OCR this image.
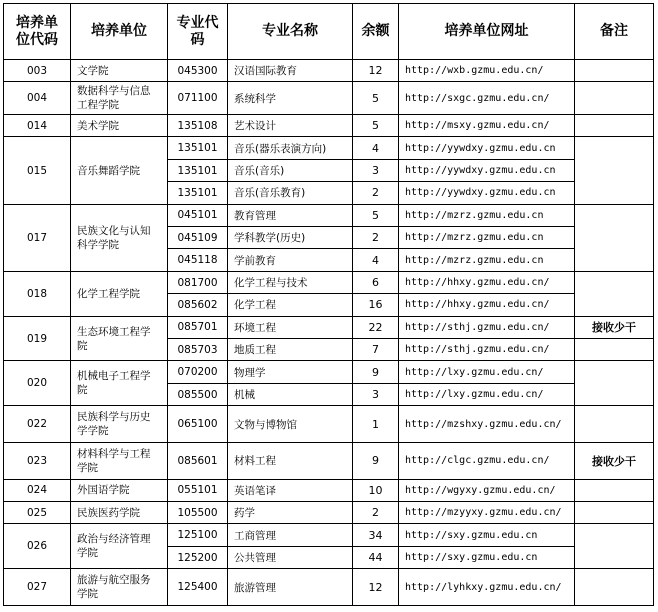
培养单位代码	培养单位	专业代码	专业名称	余额	培养单位网址	备注
003	文学院	045300	汉语国际教育	12	http://wxb.gzmu.edu.cn/	
004	数据科学与信息工程学院	071100	系统科学	5	http://sxgc.gzmu.edu.cn/	
014	美术学院	135108	艺术设计	5	http://msxy.gzmu.edu.cn/	
015	音乐舞蹈学院	135101	音乐(器乐表演方向)	4	http://yywdxy.gzmu.edu.cn	
		135101	音乐(音乐)	3	http://yywdxy.gzmu.edu.cn	
		135101	音乐(音乐教育)	2	http://yywdxy.gzmu.edu.cn	
017	民族文化与认知科学学院	045101	教育管理	5	http://mzrz.gzmu.edu.cn	
		045109	学科教学(历史)	2	http://mzrz.gzmu.edu.cn	
		045118	学前教育	4	http://mzrz.gzmu.edu.cn	
018	化学工程学院	081700	化学工程与技术	6	http://hhxy.gzmu.edu.cn/	
		085602	化学工程	16	http://hhxy.gzmu.edu.cn/	
019	生态环境工程学院	085701	环境工程	22	http://sthj.gzmu.edu.cn/	接收少干
		085703	地质工程	7	http://sthj.gzmu.edu.cn/	
020	机械电子工程学院	070200	物理学	9	http://lxy.gzmu.edu.cn/	
		085500	机械	3	http://lxy.gzmu.edu.cn/	
022	民族科学与历史学学院	065100	文物与博物馆	1	http://mzshxy.gzmu.edu.cn/	
023	材料科学与工程学院	085601	材料工程	9	http://clgc.gzmu.edu.cn/	接收少干
024	外国语学院	055101	英语笔译	10	http://wgyxy.gzmu.edu.cn/	
025	民族医药学院	105500	药学	2	http://mzyyxy.gzmu.edu.cn/	
026	政治与经济管理学院	125100	工商管理	34	http://sxy.gzmu.edu.cn	
		125200	公共管理	44	http://sxy.gzmu.edu.cn	
027	旅游与航空服务学院	125400	旅游管理	12	http://lyhkxy.gzmu.edu.cn/	
